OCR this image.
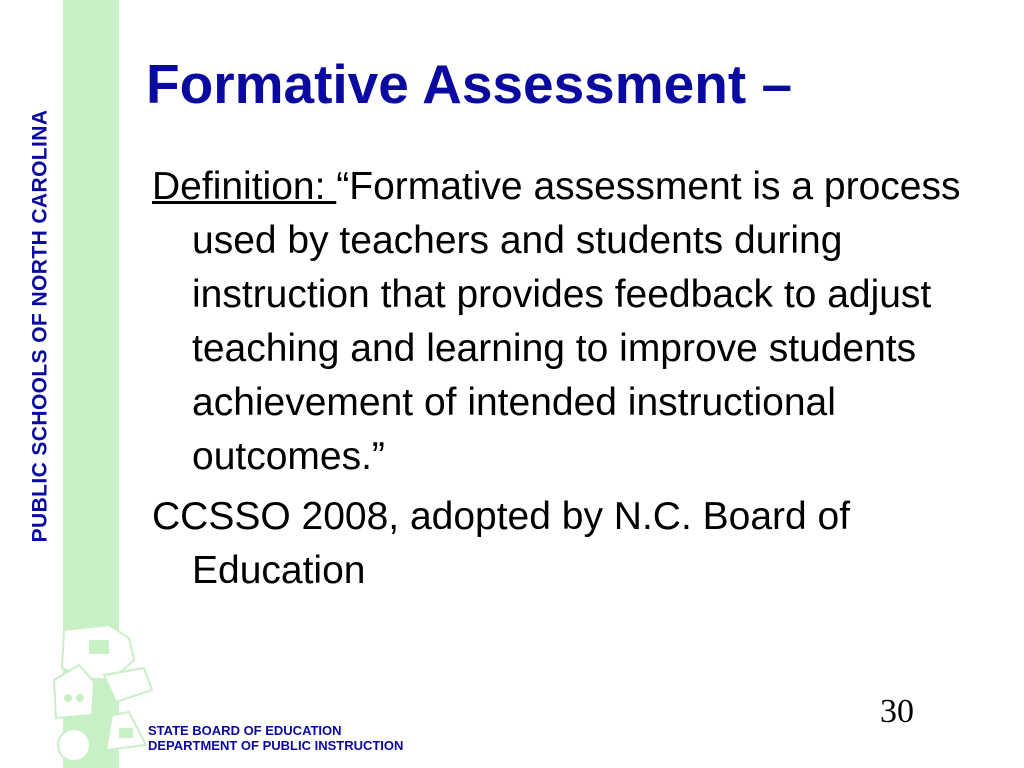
PUBLIC SCHOOLS OF NORTH CAROLINA
Formative Assessment –

Definition: “Formative assessment is a process used by teachers and students during instruction that provides feedback to adjust teaching and learning to improve students achievement of intended instructional outcomes.”

CCSSO 2008, adopted by N.C. Board of Education

30
STATE BOARD OF EDUCATION
DEPARTMENT OF PUBLIC INSTRUCTION
